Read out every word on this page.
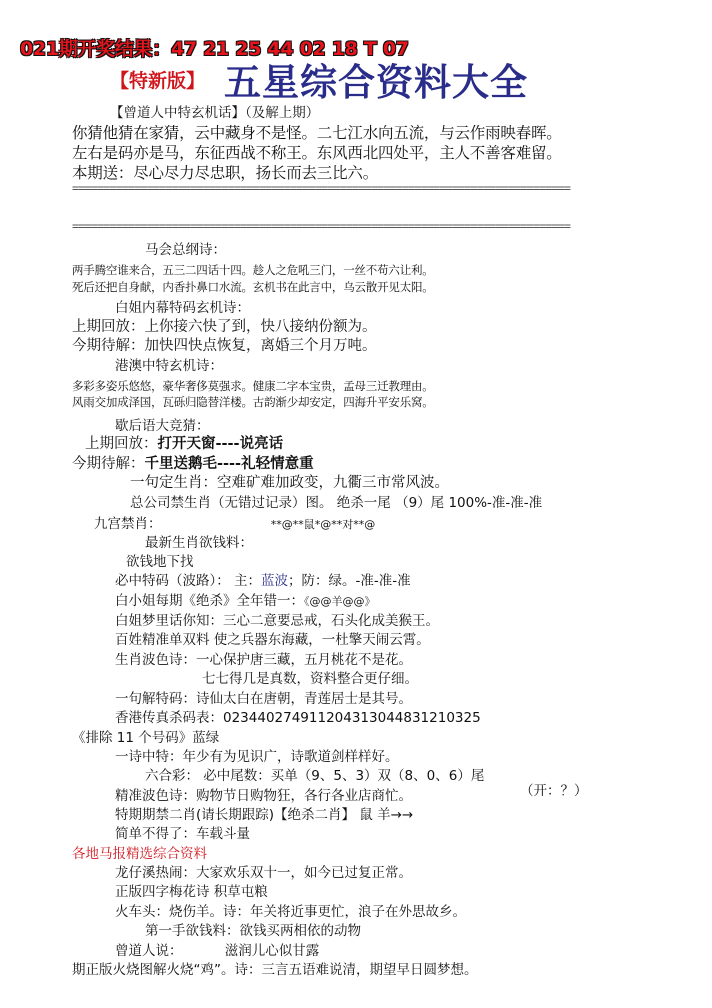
021期开奖结果：47 21 25 44 02 18 T 07
【特新版】 五星综合资料大全
【曾道人中特玄机话】（及解上期）
你猜他猜在家猜，云中藏身不是怪。二七江水向五流，与云作雨映春晖。
左右是码亦是马，东征西战不称王。东风西北四处平，主人不善客难留。
本期送：尽心尽力尽忠职，扬长而去三比六。
================================================================================
================================================================================
马会总纲诗：
两手腾空谁来合，五三二四话十四。趁人之危吼三门，一丝不苟六让利。
死后还把自身献，内香扑鼻口水流。玄机书在此言中，乌云散开见太阳。
白姐内幕特码玄机诗：
上期回放：上你接六快了到，快八接纳份额为。
今期待解：加快四快点恢复，离婚三个月万吨。
港澳中特玄机诗：
多彩多姿乐悠悠，豪华奢侈莫强求。健康二字本宝贵，孟母三迁教理由。
风雨交加成泽国，瓦砾归隐替洋楼。古韵渐少却安定，四海升平安乐窝。
歇后语大竞猜：
上期回放：打开天窗----说亮话
今期待解：千里送鹅毛----礼轻情意重
一句定生肖：空难矿难加政变，九衢三市常风波。
总公司禁生肖（无错过记录）图。 绝杀一尾 （9）尾 100%-准-准-准
九宫禁肖：	**@**鼠*@**对**@
最新生肖欲钱料：
欲钱地下找
必中特码（波路）： 主：蓝波；防：绿。-准-准-准
白小姐每期《绝杀》全年错一：《@@羊@@》
白姐梦里话你知：三心二意要忌戒，石头化成美猴王。
百姓精准单双料 使之兵器东海藏，一杜擎天闹云霄。
生肖波色诗：一心保护唐三藏，五月桃花不是花。
七七得几是真数，资料整合更仔细。
一句解特码：诗仙太白在唐朝，青莲居士是其号。
香港传真杀码表：02344027491120431304483121​0325
《排除 11 个号码》蓝绿
一诗中特：年少有为见识广，诗歌道剑样样好。
六合彩： 必中尾数：买单（9、5、3）双（8、0、6）尾
精准波色诗：购物节日购物狂，各行各业店商忙。	（开：？）
特期期禁二肖(请长期跟踪)【绝杀二肖】 鼠 羊→→
简单不得了：车载斗量
各地马报精选综合资料
龙仔溪热闹：大家欢乐双十一，如今已过复正常。
正版四字梅花诗 积草屯粮
火车头：烧伤羊。诗：年关将近事更忙，浪子在外思故乡。
第一手欲钱料：欲钱买两相依的动物
曾道人说：	滋润儿心似甘露
期正版火烧图解火烧“鸡”。诗：三言五语难说清，期望早日圆梦想。
